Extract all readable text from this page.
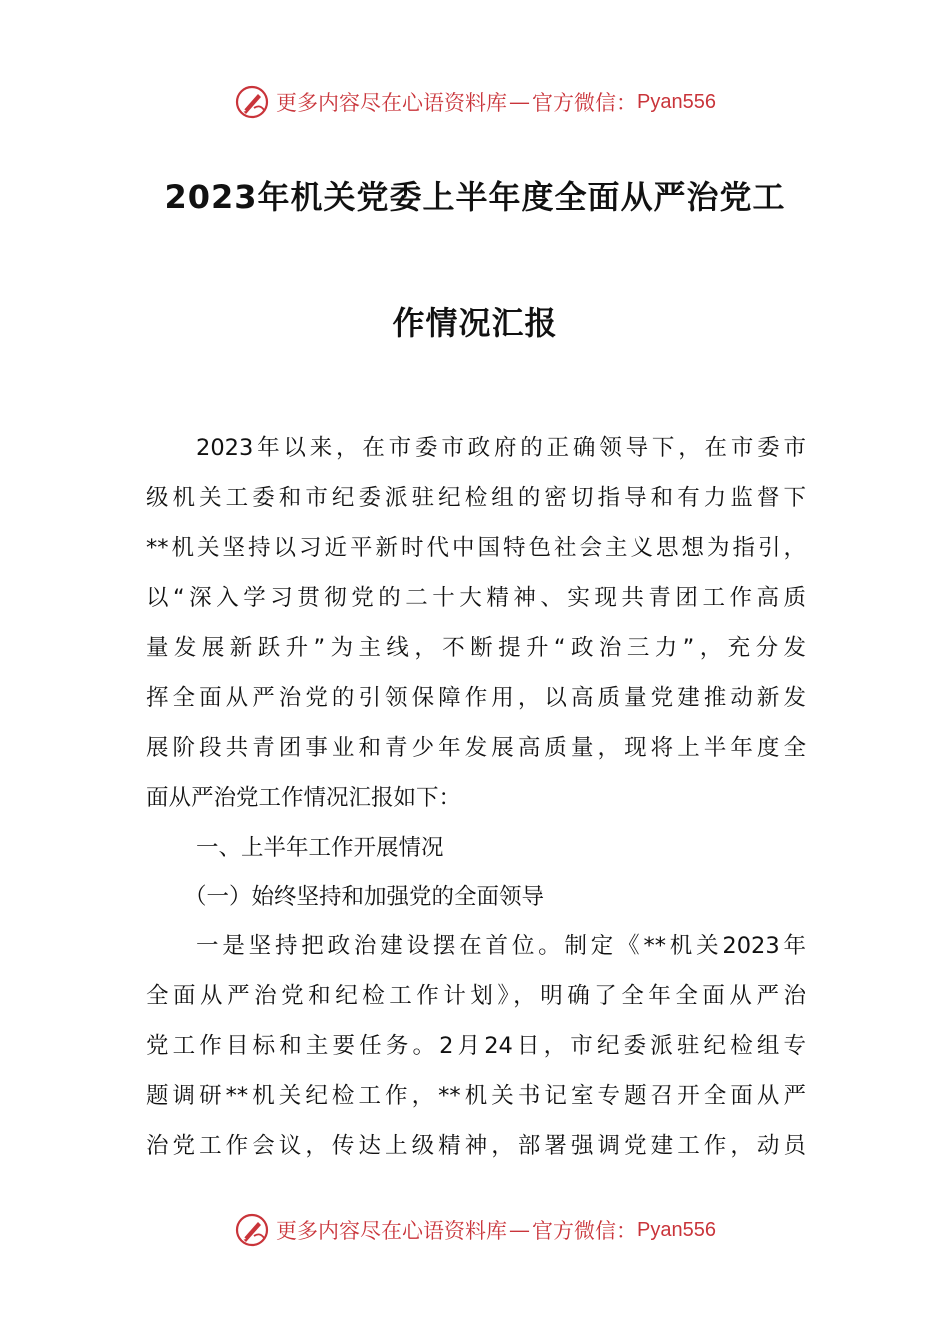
更多内容尽在心语资料库 — 官方微信： Pyan556
2023年机关党委上半年度全面从严治党工
作情况汇报
2023年以来，在市委市政府的正确领导下，在市委市
级机关工委和市纪委派驻纪检组的密切指导和有力监督下
**机关坚持以习近平新时代中国特色社会主义思想为指引，
以“深入学习贯彻党的二十大精神、实现共青团工作高质
量发展新跃升”为主线，不断提升“政治三力”，充分发
挥全面从严治党的引领保障作用，以高质量党建推动新发
展阶段共青团事业和青少年发展高质量，现将上半年度全
面从严治党工作情况汇报如下：
一、上半年工作开展情况
（一）始终坚持和加强党的全面领导
一是坚持把政治建设摆在首位。制定《**机关2023年
全面从严治党和纪检工作计划》，明确了全年全面从严治
党工作目标和主要任务。2月24日，市纪委派驻纪检组专
题调研**机关纪检工作，**机关书记室专题召开全面从严
治党工作会议，传达上级精神，部署强调党建工作，动员
更多内容尽在心语资料库 — 官方微信： Pyan556
